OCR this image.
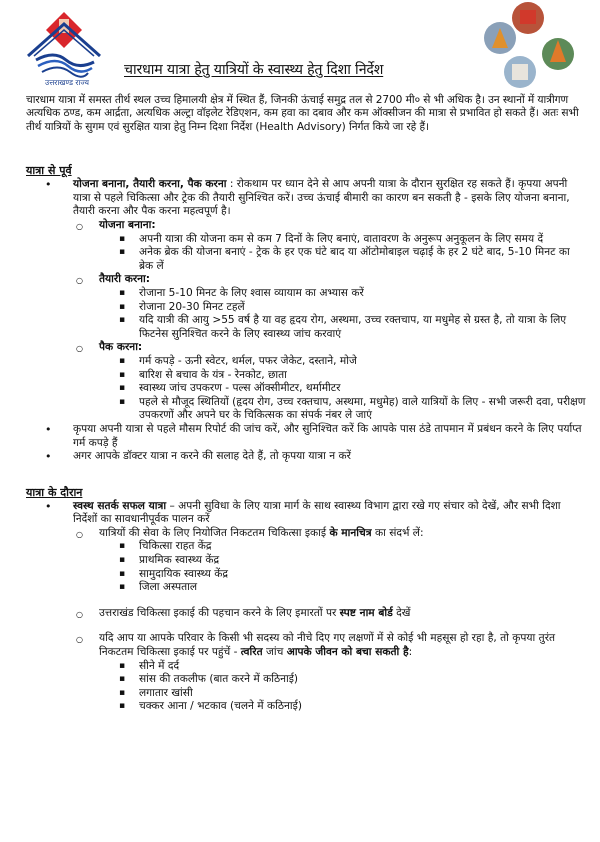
उत्तराखण्ड राज्य
चारधाम यात्रा हेतु यात्रियों के स्वास्थ्य हेतु दिशा निर्देश

चारधाम यात्रा में समस्त तीर्थ स्थल उच्च हिमालयी क्षेत्र में स्थित हैं, जिनकी ऊंचाई समुद्र तल से 2700 मी० से भी अधिक है। उन स्थानों में यात्रीगण अत्यधिक ठण्ड, कम आर्द्रता, अत्यधिक अल्ट्रा वॉइलेट रेडिएशन, कम हवा का दबाव और कम ऑक्सीजन की मात्रा से प्रभावित हो सकते हैं। अतः सभी तीर्थ यात्रियों के सुगम एवं सुरक्षित यात्रा हेतु निम्न दिशा निर्देश (Health Advisory) निर्गत किये जा रहे हैं।

यात्रा से पूर्व
• योजना बनाना, तैयारी करना, पैक करना : रोकथाम पर ध्यान देने से आप अपनी यात्रा के दौरान सुरक्षित रह सकते हैं। कृपया अपनी यात्रा से पहले चिकित्सा और ट्रेक की तैयारी सुनिश्चित करें। उच्च ऊंचाई बीमारी का कारण बन सकती है - इसके लिए योजना बनाना, तैयारी करना और पैक करना महत्वपूर्ण है।
○ योजना बनाना:
▪ अपनी यात्रा की योजना कम से कम 7 दिनों के लिए बनाएं, वातावरण के अनुरूप अनुकूलन के लिए समय दें
▪ अनेक ब्रेक की योजना बनाएं - ट्रेक के हर एक घंटे बाद या ऑटोमोबाइल चढ़ाई के हर 2 घंटे बाद, 5-10 मिनट का ब्रेक लें
○ तैयारी करना:
▪ रोजाना 5-10 मिनट के लिए श्वास व्यायाम का अभ्यास करें
▪ रोजाना 20-30 मिनट टहलें
▪ यदि यात्री की आयु >55 वर्ष है या वह हृदय रोग, अस्थमा, उच्च रक्तचाप, या मधुमेह से ग्रस्त है, तो यात्रा के लिए फिटनेस सुनिश्चित करने के लिए स्वास्थ्य जांच करवाएं
○ पैक करना:
▪ गर्म कपड़े - ऊनी स्वेटर, थर्मल, पफर जेकेट, दस्ताने, मोजे
▪ बारिश से बचाव के यंत्र - रेनकोट, छाता
▪ स्वास्थ्य जांच उपकरण - पल्स ऑक्सीमीटर, थर्मामीटर
▪ पहले से मौजूद स्थितियों (हृदय रोग, उच्च रक्तचाप, अस्थमा, मधुमेह) वाले यात्रियों के लिए - सभी जरूरी दवा, परीक्षण उपकरणों और अपने घर के चिकित्सक का संपर्क नंबर ले जाएं
• कृपया अपनी यात्रा से पहले मौसम रिपोर्ट की जांच करें, और सुनिश्चित करें कि आपके पास ठंडे तापमान में प्रबंधन करने के लिए पर्याप्त गर्म कपड़े हैं
• अगर आपके डॉक्टर यात्रा न करने की सलाह देते हैं, तो कृपया यात्रा न करें
यात्रा के दौरान
• स्वस्थ सतर्क सफल यात्रा – अपनी सुविधा के लिए यात्रा मार्ग के साथ स्वास्थ्य विभाग द्वारा रखे गए संचार को देखें, और सभी दिशा निर्देशों का सावधानीपूर्वक पालन करें
○ यात्रियों की सेवा के लिए नियोजित निकटतम चिकित्सा इकाई के मानचित्र का संदर्भ लें:
▪ चिकित्सा राहत केंद्र
▪ प्राथमिक स्वास्थ्य केंद्र
▪ सामुदायिक स्वास्थ्य केंद्र
▪ जिला अस्पताल
○ उत्तराखंड चिकित्सा इकाई की पहचान करने के लिए इमारतों पर स्पष्ट नाम बोर्ड देखें
○ यदि आप या आपके परिवार के किसी भी सदस्य को नीचे दिए गए लक्षणों में से कोई भी महसूस हो रहा है, तो कृपया तुरंत निकटतम चिकित्सा इकाई पर पहुंचें - त्वरित जांच आपके जीवन को बचा सकती है:
▪ सीने में दर्द
▪ सांस की तकलीफ (बात करने में कठिनाई)
▪ लगातार खांसी
▪ चक्कर आना / भटकाव (चलने में कठिनाई)
